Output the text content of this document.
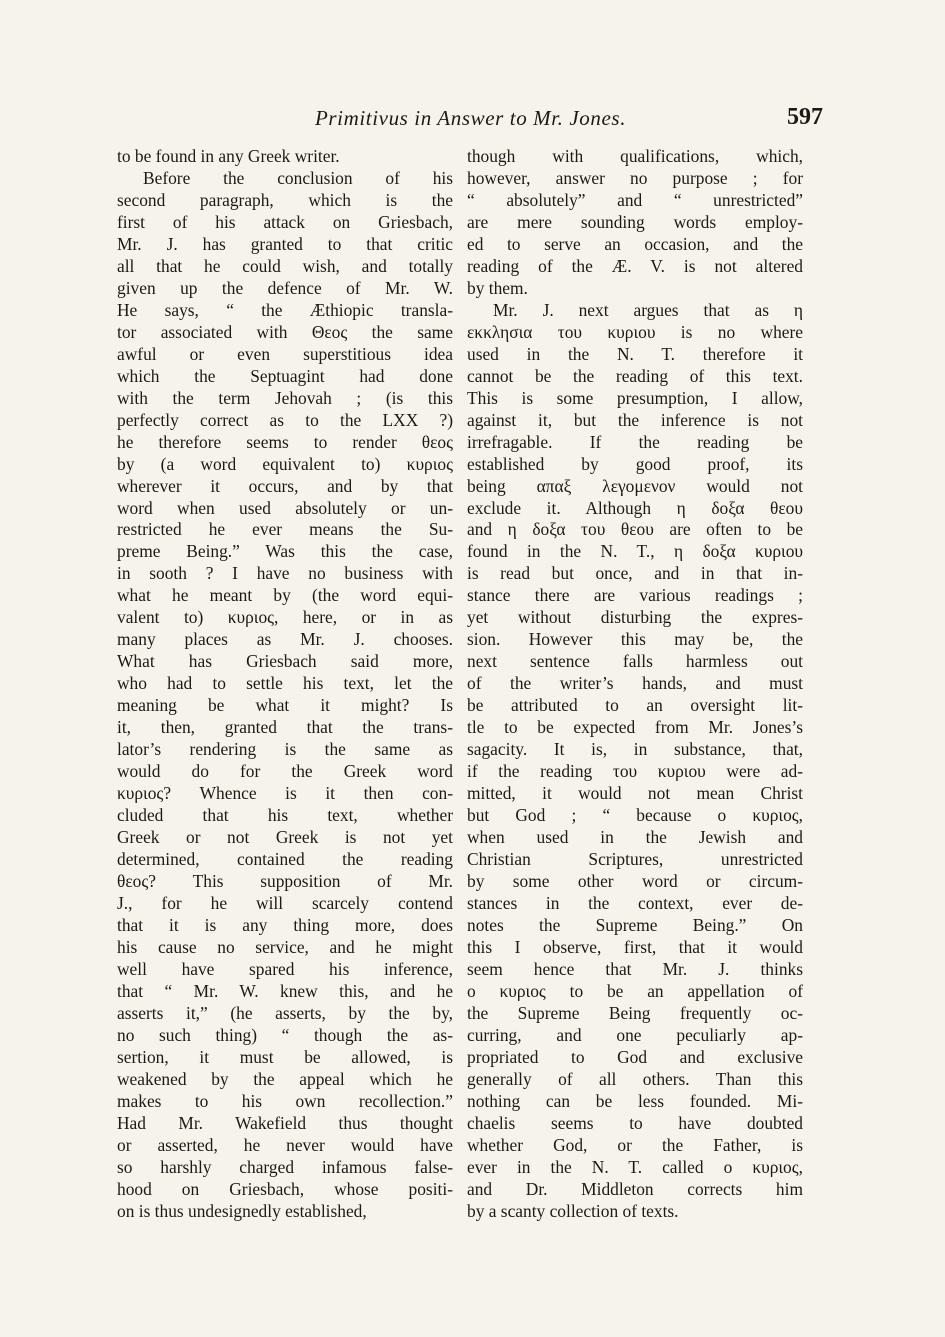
Primitivus in Answer to Mr. Jones.	597
to be found in any Greek writer.
Before the conclusion of his
second paragraph, which is the
first of his attack on Griesbach,
Mr. J. has granted to that critic
all that he could wish, and totally
given up the defence of Mr. W.
He says, “ the Æthiopic transla-
tor associated with Θεος the same
awful or even superstitious idea
which the Septuagint had done
with the term Jehovah ; (is this
perfectly correct as to the LXX ?)
he therefore seems to render θεος
by (a word equivalent to) κυριος
wherever it occurs, and by that
word when used absolutely or un-
restricted he ever means the Su-
preme Being.” Was this the case,
in sooth ? I have no business with
what he meant by (the word equi-
valent to) κυριος, here, or in as
many places as Mr. J. chooses.
What has Griesbach said more,
who had to settle his text, let the
meaning be what it might? Is
it, then, granted that the trans-
lator’s rendering is the same as
would do for the Greek word
κυριος? Whence is it then con-
cluded that his text, whether
Greek or not Greek is not yet
determined, contained the reading
θεος? This supposition of Mr.
J., for he will scarcely contend
that it is any thing more, does
his cause no service, and he might
well have spared his inference,
that “ Mr. W. knew this, and he
asserts it,” (he asserts, by the by,
no such thing) “ though the as-
sertion, it must be allowed, is
weakened by the appeal which he
makes to his own recollection.”
Had Mr. Wakefield thus thought
or asserted, he never would have
so harshly charged infamous false-
hood on Griesbach, whose positi-
on is thus undesignedly established,
though with qualifications, which,
however, answer no purpose ; for
“ absolutely” and “ unrestricted”
are mere sounding words employ-
ed to serve an occasion, and the
reading of the Æ. V. is not altered
by them.
Mr. J. next argues that as η
εκκλησια του κυριου is no where
used in the N. T. therefore it
cannot be the reading of this text.
This is some presumption, I allow,
against it, but the inference is not
irrefragable. If the reading be
established by good proof, its
being απαξ λεγομενον would not
exclude it. Although η δοξα θεου
and η δοξα του θεου are often to be
found in the N. T., η δοξα κυριου
is read but once, and in that in-
stance there are various readings ;
yet without disturbing the expres-
sion. However this may be, the
next sentence falls harmless out
of the writer’s hands, and must
be attributed to an oversight lit-
tle to be expected from Mr. Jones’s
sagacity. It is, in substance, that,
if the reading του κυριου were ad-
mitted, it would not mean Christ
but God ; “ because ο κυριος,
when used in the Jewish and
Christian Scriptures, unrestricted
by some other word or circum-
stances in the context, ever de-
notes the Supreme Being.” On
this I observe, first, that it would
seem hence that Mr. J. thinks
ο κυριος to be an appellation of
the Supreme Being frequently oc-
curring, and one peculiarly ap-
propriated to God and exclusive
generally of all others. Than this
nothing can be less founded. Mi-
chaelis seems to have doubted
whether God, or the Father, is
ever in the N. T. called ο κυριος,
and Dr. Middleton corrects him
by a scanty collection of texts.
